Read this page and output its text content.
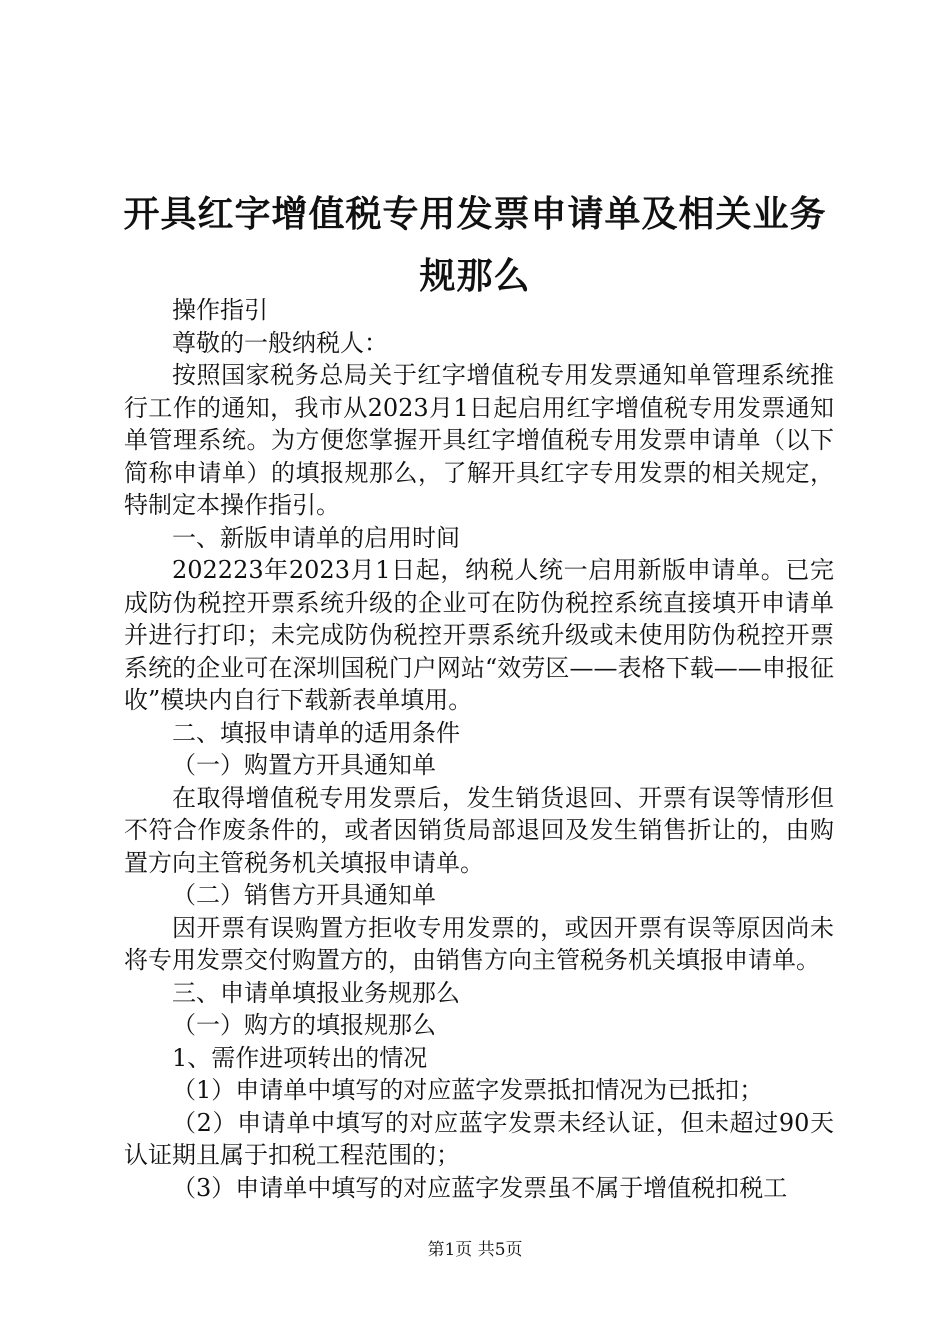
开具红字增值税专用发票申请单及相关业务规那么

操作指引

尊敬的一般纳税人：

按照国家税务总局关于红字增值税专用发票通知单管理系统推行工作的通知，我市从2023月1日起启用红字增值税专用发票通知单管理系统。为方便您掌握开具红字增值税专用发票申请单（以下简称申请单）的填报规那么，了解开具红字专用发票的相关规定，特制定本操作指引。

一、新版申请单的启用时间

202223年2023月1日起，纳税人统一启用新版申请单。已完成防伪税控开票系统升级的企业可在防伪税控系统直接填开申请单并进行打印；未完成防伪税控开票系统升级或未使用防伪税控开票系统的企业可在深圳国税门户网站“效劳区——表格下载——申报征收”模块内自行下载新表单填用。

二、填报申请单的适用条件

（一）购置方开具通知单

在取得增值税专用发票后，发生销货退回、开票有误等情形但不符合作废条件的，或者因销货局部退回及发生销售折让的，由购置方向主管税务机关填报申请单。

（二）销售方开具通知单

因开票有误购置方拒收专用发票的，或因开票有误等原因尚未将专用发票交付购置方的，由销售方向主管税务机关填报申请单。

三、申请单填报业务规那么

（一）购方的填报规那么

1、需作进项转出的情况

（1）申请单中填写的对应蓝字发票抵扣情况为已抵扣；

（2）申请单中填写的对应蓝字发票未经认证，但未超过90天认证期且属于扣税工程范围的；

（3）申请单中填写的对应蓝字发票虽不属于增值税扣税工

第1页 共5页
